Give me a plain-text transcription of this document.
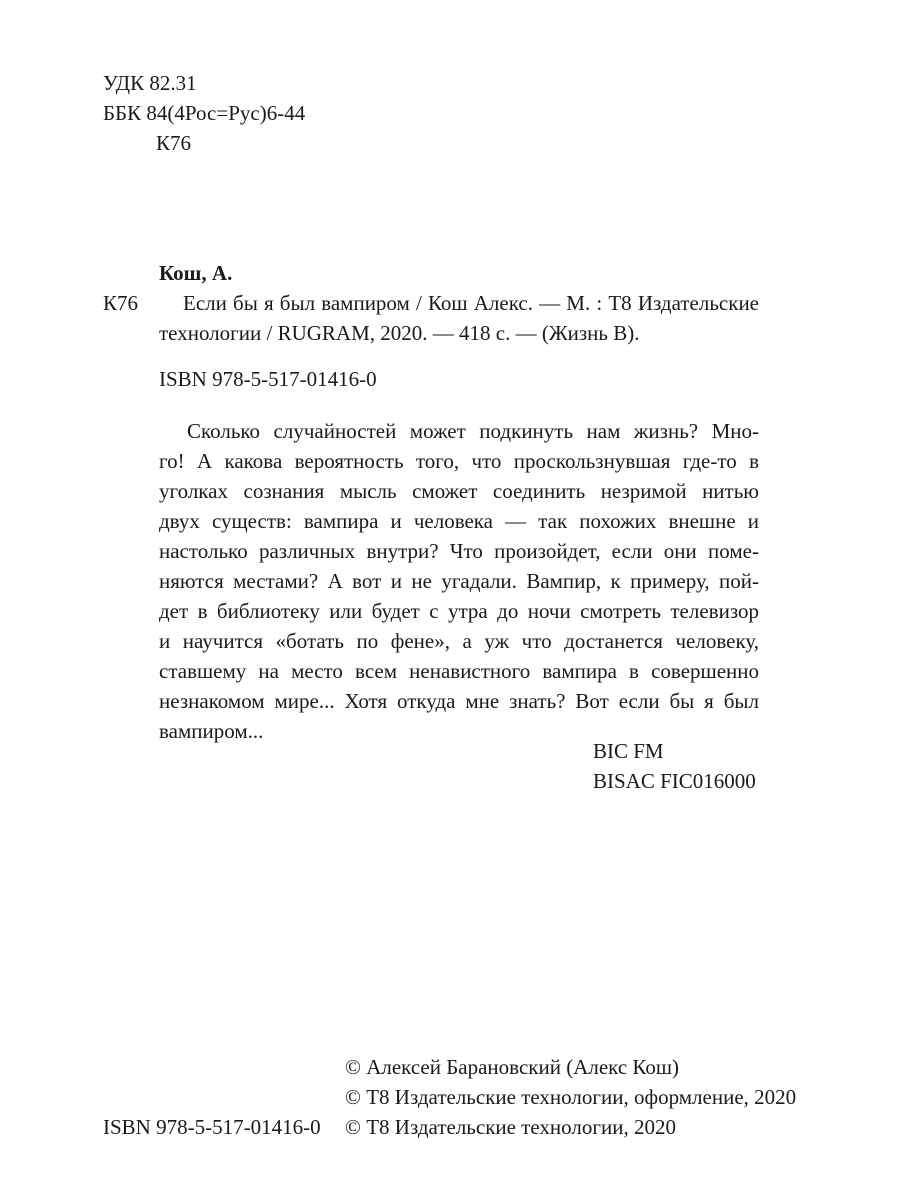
УДК 82.31
ББК 84(4Рос=Рус)6-44
К76
Кош, А.
К76	Если бы я был вампиром / Кош Алекс. — М. : Т8 Издательские
технологии / RUGRAM, 2020. — 418 с. — (Жизнь В).
ISBN 978-5-517-01416-0
Сколько случайностей может подкинуть нам жизнь? Мно-
го! А какова вероятность того, что проскользнувшая где-то в
уголках сознания мысль сможет соединить незримой нитью
двух существ: вампира и человека — так похожих внешне и
настолько различных внутри? Что произойдет, если они поме-
няются местами? А вот и не угадали. Вампир, к примеру, пой-
дет в библиотеку или будет с утра до ночи смотреть телевизор
и научится «ботать по фене», а уж что достанется человеку,
ставшему на место всем ненавистного вампира в совершенно
незнакомом мире... Хотя откуда мне знать? Вот если бы я был
вампиром...
BIC FM
BISAC FIC016000
© Алексей Барановский (Алекс Кош)
© Т8 Издательские технологии, оформление, 2020
© Т8 Издательские технологии, 2020
ISBN 978-5-517-01416-0
